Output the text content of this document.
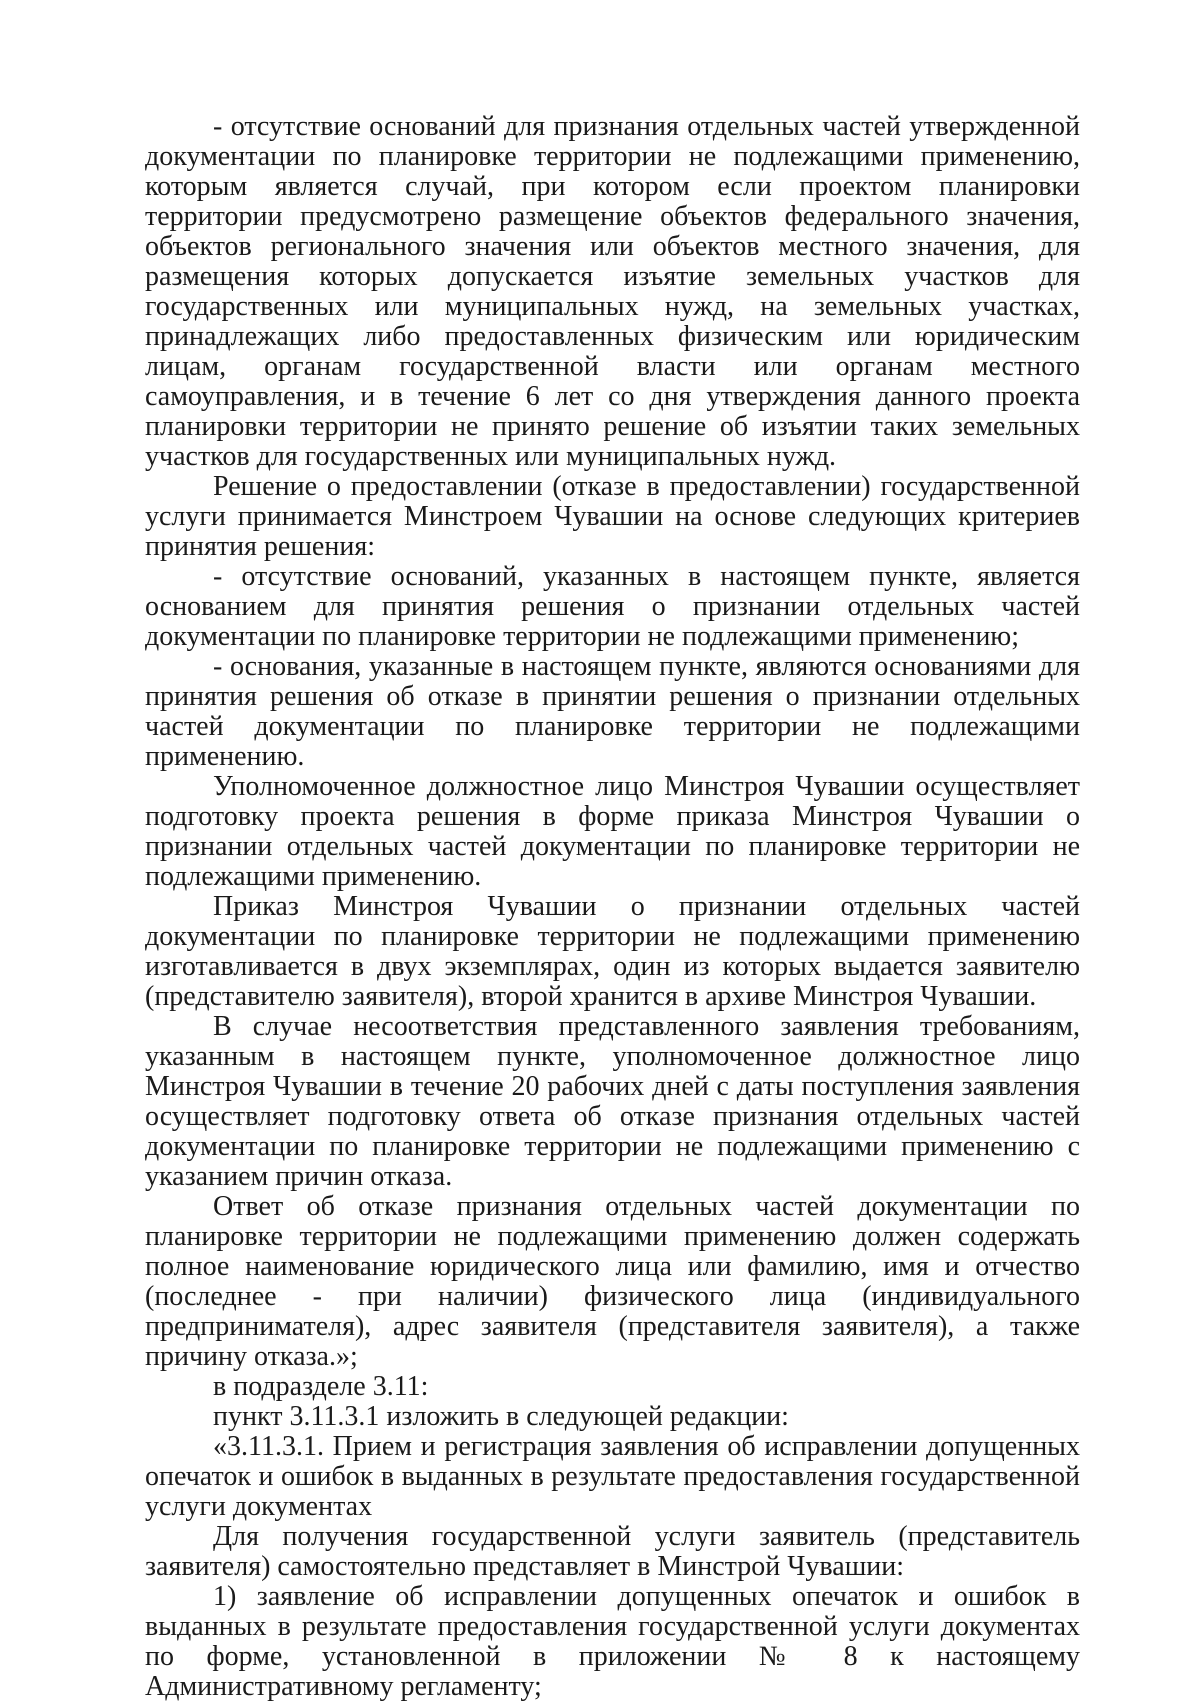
- отсутствие оснований для признания отдельных частей утвержденной документации по планировке территории не подлежащими применению, которым является случай, при котором если проектом планировки территории предусмотрено размещение объектов федерального значения, объектов регионального значения или объектов местного значения, для размещения которых допускается изъятие земельных участков для государственных или муниципальных нужд, на земельных участках, принадлежащих либо предоставленных физическим или юридическим лицам, органам государственной власти или органам местного самоуправления, и в течение 6 лет со дня утверждения данного проекта планировки территории не принято решение об изъятии таких земельных участков для государственных или муниципальных нужд.

Решение о предоставлении (отказе в предоставлении) государственной услуги принимается Минстроем Чувашии на основе следующих критериев принятия решения:

- отсутствие оснований, указанных в настоящем пункте, является основанием для принятия решения о признании отдельных частей документации по планировке территории не подлежащими применению;

- основания, указанные в настоящем пункте, являются основаниями для принятия решения об отказе в принятии решения о признании отдельных частей документации по планировке территории не подлежащими применению.

Уполномоченное должностное лицо Минстроя Чувашии осуществляет подготовку проекта решения в форме приказа Минстроя Чувашии о признании отдельных частей документации по планировке территории не подлежащими применению.

Приказ Минстроя Чувашии о признании отдельных частей документации по планировке территории не подлежащими применению изготавливается в двух экземплярах, один из которых выдается заявителю (представителю заявителя), второй хранится в архиве Минстроя Чувашии.

В случае несоответствия представленного заявления требованиям, указанным в настоящем пункте, уполномоченное должностное лицо Минстроя Чувашии в течение 20 рабочих дней с даты поступления заявления осуществляет подготовку ответа об отказе признания отдельных частей документации по планировке территории не подлежащими применению с указанием причин отказа.

Ответ об отказе признания отдельных частей документации по планировке территории не подлежащими применению должен содержать полное наименование юридического лица или фамилию, имя и отчество (последнее - при наличии) физического лица (индивидуального предпринимателя), адрес заявителя (представителя заявителя), а также причину отказа.»;

в подразделе 3.11:

пункт 3.11.3.1 изложить в следующей редакции:

«3.11.3.1. Прием и регистрация заявления об исправлении допущенных опечаток и ошибок в выданных в результате предоставления государственной услуги документах

Для получения государственной услуги заявитель (представитель заявителя) самостоятельно представляет в Минстрой Чувашии:

1) заявление об исправлении допущенных опечаток и ошибок в выданных в результате предоставления государственной услуги документах по форме, установленной в приложении № 8 к настоящему Административному регламенту;
